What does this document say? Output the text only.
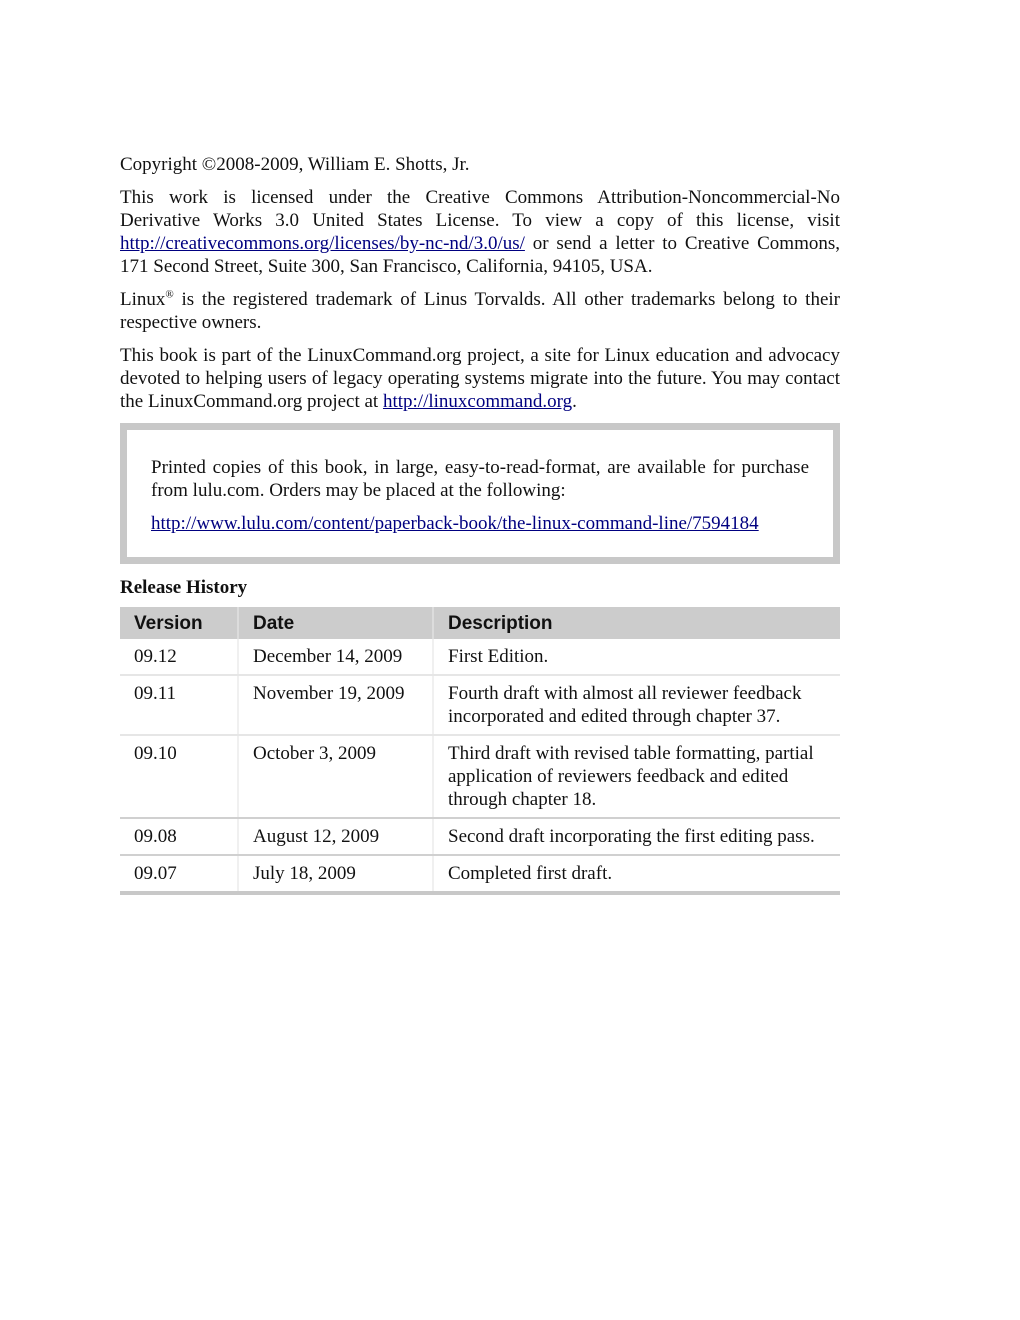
Copyright ©2008-2009, William E. Shotts, Jr.

This work is licensed under the Creative Commons Attribution-Noncommercial-No Derivative Works 3.0 United States License. To view a copy of this license, visit http://creativecommons.org/licenses/by-nc-nd/3.0/us/ or send a letter to Creative Commons, 171 Second Street, Suite 300, San Francisco, California, 94105, USA.

Linux® is the registered trademark of Linus Torvalds. All other trademarks belong to their respective owners.

This book is part of the LinuxCommand.org project, a site for Linux education and advocacy devoted to helping users of legacy operating systems migrate into the future. You may contact the LinuxCommand.org project at http://linuxcommand.org.

Printed copies of this book, in large, easy-to-read-format, are available for purchase from lulu.com. Orders may be placed at the following:

http://www.lulu.com/content/paperback-book/the-linux-command-line/7594184

Release History
Version	Date	Description
09.12	December 14, 2009	First Edition.
09.11	November 19, 2009	Fourth draft with almost all reviewer feedback incorporated and edited through chapter 37.
09.10	October 3, 2009	Third draft with revised table formatting, partial application of reviewers feedback and edited through chapter 18.
09.08	August 12, 2009	Second draft incorporating the first editing pass.
09.07	July 18, 2009	Completed first draft.
